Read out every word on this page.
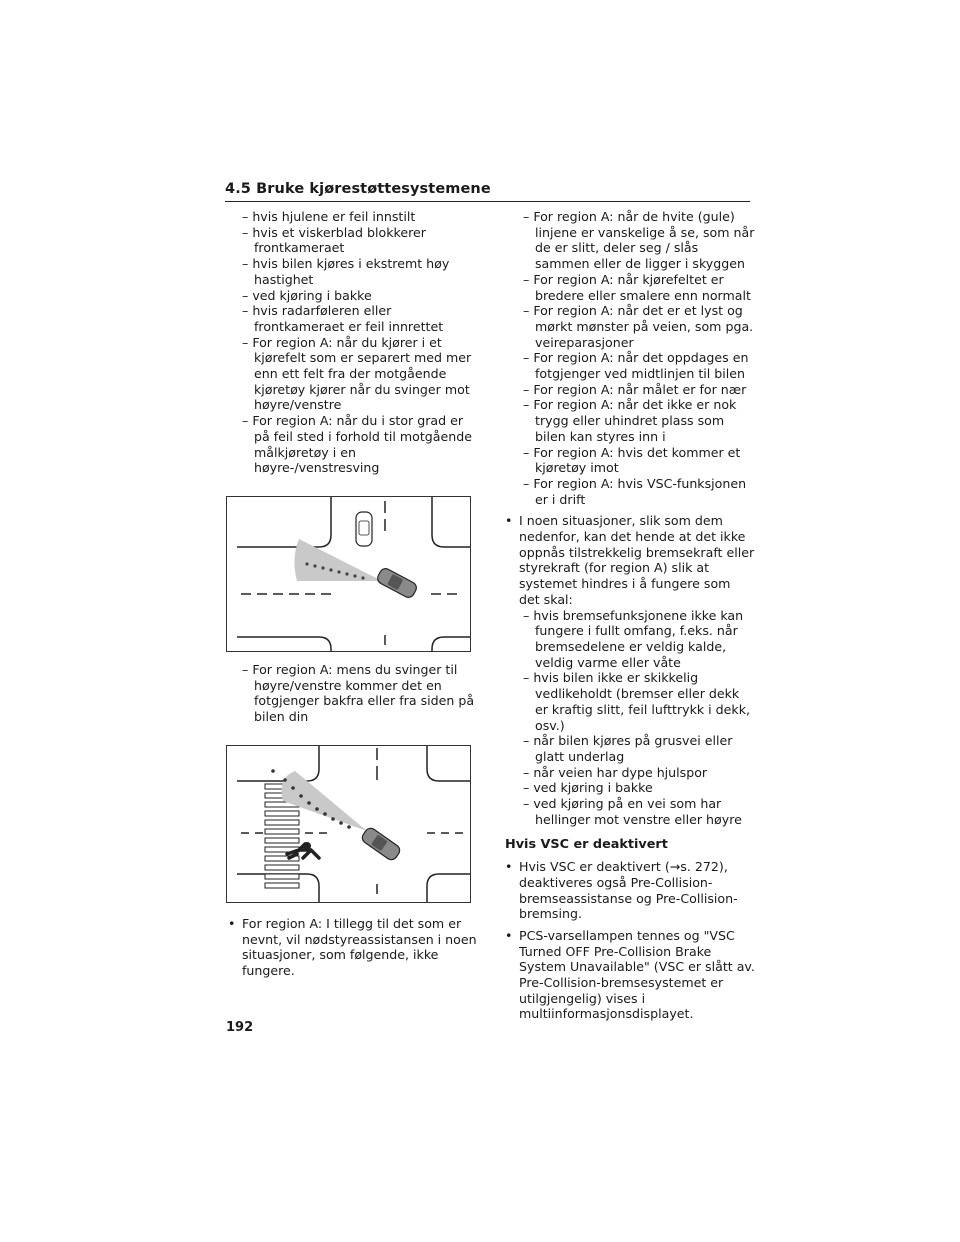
4.5 Bruke kjørestøttesystemene

– hvis hjulene er feil innstilt

– hvis et viskerblad blokkerer frontkameraet

– hvis bilen kjøres i ekstremt høy hastighet

– ved kjøring i bakke

– hvis radarføleren eller frontkameraet er feil innrettet

– For region A: når du kjører i et kjørefelt som er separert med mer enn ett felt fra der motgående kjøretøy kjører når du svinger mot høyre/venstre

– For region A: når du i stor grad er på feil sted i forhold til motgående målkjøretøy i en høyre-/venstresving

– For region A: mens du svinger til høyre/venstre kommer det en fotgjenger bakfra eller fra siden på bilen din

• For region A: I tillegg til det som er nevnt, vil nødstyreassistansen i noen situasjoner, som følgende, ikke fungere.

– For region A: når de hvite (gule) linjene er vanskelige å se, som når de er slitt, deler seg / slås sammen eller de ligger i skyggen

– For region A: når kjørefeltet er bredere eller smalere enn normalt

– For region A: når det er et lyst og mørkt mønster på veien, som pga. veireparasjoner

– For region A: når det oppdages en fotgjenger ved midtlinjen til bilen

– For region A: når målet er for nær

– For region A: når det ikke er nok trygg eller uhindret plass som bilen kan styres inn i

– For region A: hvis det kommer et kjøretøy imot

– For region A: hvis VSC-funksjonen er i drift

• I noen situasjoner, slik som dem nedenfor, kan det hende at det ikke oppnås tilstrekkelig bremsekraft eller styrekraft (for region A) slik at systemet hindres i å fungere som det skal:

– hvis bremsefunksjonene ikke kan fungere i fullt omfang, f.eks. når bremsedelene er veldig kalde, veldig varme eller våte

– hvis bilen ikke er skikkelig vedlikeholdt (bremser eller dekk er kraftig slitt, feil lufttrykk i dekk, osv.)

– når bilen kjøres på grusvei eller glatt underlag

– når veien har dype hjulspor

– ved kjøring i bakke

– ved kjøring på en vei som har hellinger mot venstre eller høyre

Hvis VSC er deaktivert

• Hvis VSC er deaktivert (→s. 272), deaktiveres også Pre-Collision-bremseassistanse og Pre-Collision-bremsing.

• PCS-varsellampen tennes og "VSC Turned OFF Pre-Collision Brake System Unavailable" (VSC er slått av. Pre-Collision-bremsesystemet er utilgjengelig) vises i multiinformasjonsdisplayet.

192
